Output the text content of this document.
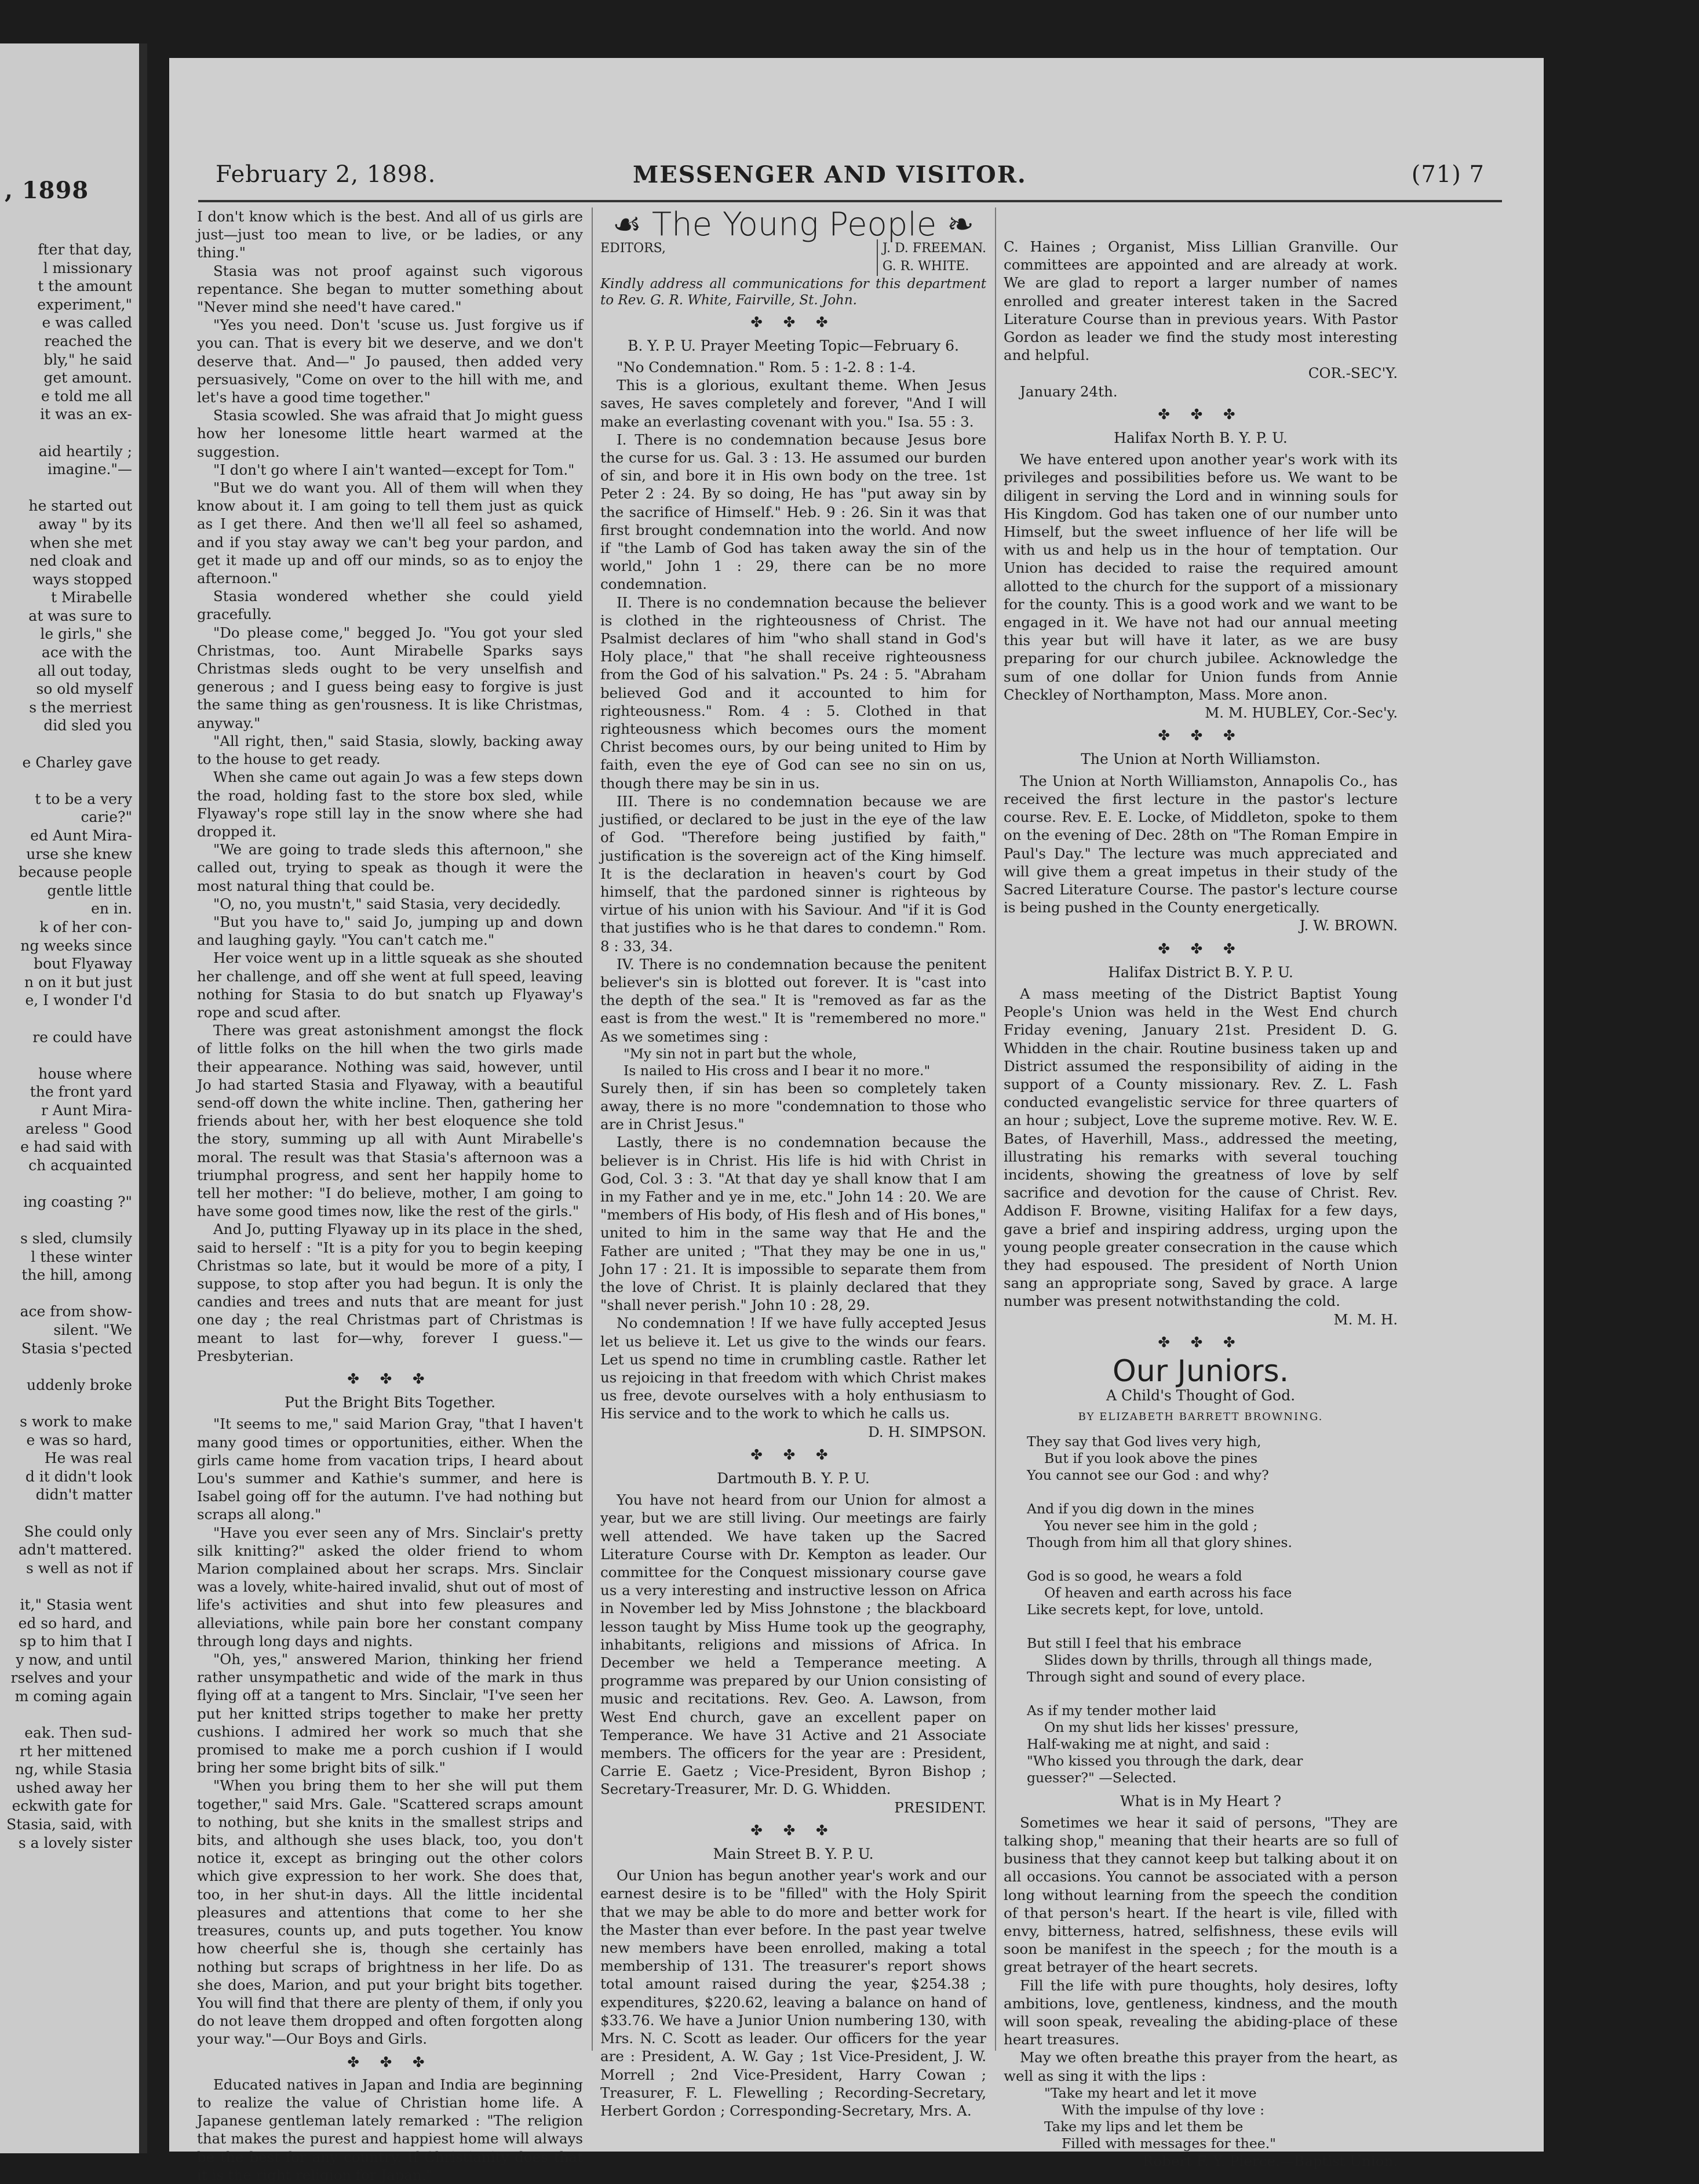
, 1898
fter that day,
l missionary
t the amount
experiment,"
e was called
reached the
bly," he said
get amount.
e told me all
it was an ex-

aid heartily ;
imagine."—

he started out
away " by its
when she met
ned cloak and
ways stopped
t Mirabelle
at was sure to
le girls," she
ace with the
all out today,
so old myself
s the merriest
did sled you

e Charley gave

t to be a very
carie?"
ed Aunt Mira-
urse she knew
because people
gentle little
en in.
k of her con-
ng weeks since
bout Flyaway
n on it but just
e, I wonder I'd

re could have

house where
the front yard
r Aunt Mira-
areless " Good
e had said with
ch acquainted

ing coasting ?"

s sled, clumsily
l these winter
the hill, among

ace from show-
silent. "We
Stasia s'pected

uddenly broke

s work to make
e was so hard,
He was real
d it didn't look
didn't matter

She could only
adn't mattered.
s well as not if

it," Stasia went
ed so hard, and
sp to him that I
y now, and until
rselves and your
m coming again

eak. Then sud-
rt her mittened
ng, while Stasia
ushed away her
eckwith gate for
Stasia, said, with
s a lovely sister
February 2, 1898.	MESSENGER AND VISITOR.	(71) 7

I don't know which is the best. And all of us girls are just—just too mean to live, or be ladies, or any thing."

Stasia was not proof against such vigorous repentance. She began to mutter something about "Never mind she need't have cared."

"Yes you need. Don't 'scuse us. Just forgive us if you can. That is every bit we deserve, and we don't deserve that. And—" Jo paused, then added very persuasively, "Come on over to the hill with me, and let's have a good time together."

Stasia scowled. She was afraid that Jo might guess how her lonesome little heart warmed at the suggestion.

"I don't go where I ain't wanted—except for Tom."

"But we do want you. All of them will when they know about it. I am going to tell them just as quick as I get there. And then we'll all feel so ashamed, and if you stay away we can't beg your pardon, and get it made up and off our minds, so as to enjoy the afternoon."

Stasia wondered whether she could yield gracefully.

"Do please come," begged Jo. "You got your sled Christmas, too. Aunt Mirabelle Sparks says Christmas sleds ought to be very unselfish and generous ; and I guess being easy to forgive is just the same thing as gen'rousness. It is like Christmas, anyway."

"All right, then," said Stasia, slowly, backing away to the house to get ready.

When she came out again Jo was a few steps down the road, holding fast to the store box sled, while Flyaway's rope still lay in the snow where she had dropped it.

"We are going to trade sleds this afternoon," she called out, trying to speak as though it were the most natural thing that could be.

"O, no, you mustn't," said Stasia, very decidedly.

"But you have to," said Jo, jumping up and down and laughing gayly. "You can't catch me."

Her voice went up in a little squeak as she shouted her challenge, and off she went at full speed, leaving nothing for Stasia to do but snatch up Flyaway's rope and scud after.

There was great astonishment amongst the flock of little folks on the hill when the two girls made their appearance. Nothing was said, however, until Jo had started Stasia and Flyaway, with a beautiful send-off down the white incline. Then, gathering her friends about her, with her best eloquence she told the story, summing up all with Aunt Mirabelle's moral. The result was that Stasia's afternoon was a triumphal progress, and sent her happily home to tell her mother: "I do believe, mother, I am going to have some good times now, like the rest of the girls."

And Jo, putting Flyaway up in its place in the shed, said to herself : "It is a pity for you to begin keeping Christmas so late, but it would be more of a pity, I suppose, to stop after you had begun. It is only the candies and trees and nuts that are meant for just one day ; the real Christmas part of Christmas is meant to last for—why, forever I guess."—Presbyterian.

✤ ✤ ✤
Put the Bright Bits Together.

"It seems to me," said Marion Gray, "that I haven't many good times or opportunities, either. When the girls came home from vacation trips, I heard about Lou's summer and Kathie's summer, and here is Isabel going off for the autumn. I've had nothing but scraps all along."

"Have you ever seen any of Mrs. Sinclair's pretty silk knitting?" asked the older friend to whom Marion complained about her scraps. Mrs. Sinclair was a lovely, white-haired invalid, shut out of most of life's activities and shut into few pleasures and alleviations, while pain bore her constant company through long days and nights.

"Oh, yes," answered Marion, thinking her friend rather unsympathetic and wide of the mark in thus flying off at a tangent to Mrs. Sinclair, "I've seen her put her knitted strips together to make her pretty cushions. I admired her work so much that she promised to make me a porch cushion if I would bring her some bright bits of silk."

"When you bring them to her she will put them together," said Mrs. Gale. "Scattered scraps amount to nothing, but she knits in the smallest strips and bits, and although she uses black, too, you don't notice it, except as bringing out the other colors which give expression to her work. She does that, too, in her shut-in days. All the little incidental pleasures and attentions that come to her she treasures, counts up, and puts together. You know how cheerful she is, though she certainly has nothing but scraps of brightness in her life. Do as she does, Marion, and put your bright bits together. You will find that there are plenty of them, if only you do not leave them dropped and often forgotten along your way."—Our Boys and Girls.

✤ ✤ ✤

Educated natives in Japan and India are beginning to realize the value of Christian home life. A Japanese gentleman lately remarked : "The religion that makes the purest and happiest home will always be the best for any country. If Christianity does that it is the right religion for Japan."

☙ The Young People ❧
EDITORS,	J. D. FREEMAN.
G. R. WHITE.

Kindly address all communications for this department to Rev. G. R. White, Fairville, St. John.

✤ ✤ ✤
B. Y. P. U. Prayer Meeting Topic—February 6.

"No Condemnation." Rom. 5 : 1-2. 8 : 1-4.

This is a glorious, exultant theme. When Jesus saves, He saves completely and forever, "And I will make an everlasting covenant with you." Isa. 55 : 3.

I. There is no condemnation because Jesus bore the curse for us. Gal. 3 : 13. He assumed our burden of sin, and bore it in His own body on the tree. 1st Peter 2 : 24. By so doing, He has "put away sin by the sacrifice of Himself." Heb. 9 : 26. Sin it was that first brought condemnation into the world. And now if "the Lamb of God has taken away the sin of the world," John 1 : 29, there can be no more condemnation.

II. There is no condemnation because the believer is clothed in the righteousness of Christ. The Psalmist declares of him "who shall stand in God's Holy place," that "he shall receive righteousness from the God of his salvation." Ps. 24 : 5. "Abraham believed God and it accounted to him for righteousness." Rom. 4 : 5. Clothed in that righteousness which becomes ours the moment Christ becomes ours, by our being united to Him by faith, even the eye of God can see no sin on us, though there may be sin in us.

III. There is no condemnation because we are justified, or declared to be just in the eye of the law of God. "Therefore being justified by faith," justification is the sovereign act of the King himself. It is the declaration in heaven's court by God himself, that the pardoned sinner is righteous by virtue of his union with his Saviour. And "if it is God that justifies who is he that dares to condemn." Rom. 8 : 33, 34.

IV. There is no condemnation because the penitent believer's sin is blotted out forever. It is "cast into the depth of the sea." It is "removed as far as the east is from the west." It is "remembered no more." As we sometimes sing :

"My sin not in part but the whole,
Is nailed to His cross and I bear it no more."

Surely then, if sin has been so completely taken away, there is no more "condemnation to those who are in Christ Jesus."

Lastly, there is no condemnation because the believer is in Christ. His life is hid with Christ in God, Col. 3 : 3. "At that day ye shall know that I am in my Father and ye in me, etc." John 14 : 20. We are "members of His body, of His flesh and of His bones," united to him in the same way that He and the Father are united ; "That they may be one in us," John 17 : 21. It is impossible to separate them from the love of Christ. It is plainly declared that they "shall never perish." John 10 : 28, 29.

No condemnation ! If we have fully accepted Jesus let us believe it. Let us give to the winds our fears. Let us spend no time in crumbling castle. Rather let us rejoicing in that freedom with which Christ makes us free, devote ourselves with a holy enthusiasm to His service and to the work to which he calls us.

D. H. SIMPSON.
✤ ✤ ✤
Dartmouth B. Y. P. U.

You have not heard from our Union for almost a year, but we are still living. Our meetings are fairly well attended. We have taken up the Sacred Literature Course with Dr. Kempton as leader. Our committee for the Conquest missionary course gave us a very interesting and instructive lesson on Africa in November led by Miss Johnstone ; the blackboard lesson taught by Miss Hume took up the geography, inhabitants, religions and missions of Africa. In December we held a Temperance meeting. A programme was prepared by our Union consisting of music and recitations. Rev. Geo. A. Lawson, from West End church, gave an excellent paper on Temperance. We have 31 Active and 21 Associate members. The officers for the year are : President, Carrie E. Gaetz ; Vice-President, Byron Bishop ; Secretary-Treasurer, Mr. D. G. Whidden.

PRESIDENT.
✤ ✤ ✤
Main Street B. Y. P. U.

Our Union has begun another year's work and our earnest desire is to be "filled" with the Holy Spirit that we may be able to do more and better work for the Master than ever before. In the past year twelve new members have been enrolled, making a total membership of 131. The treasurer's report shows total amount raised during the year, $254.38 ; expenditures, $220.62, leaving a balance on hand of $33.76. We have a Junior Union numbering 130, with Mrs. N. C. Scott as leader. Our officers for the year are : President, A. W. Gay ; 1st Vice-President, J. W. Morrell ; 2nd Vice-President, Harry Cowan ; Treasurer, F. L. Flewelling ; Recording-Secretary, Herbert Gordon ; Corresponding-Secretary, Mrs. A.

C. Haines ; Organist, Miss Lillian Granville. Our committees are appointed and are already at work. We are glad to report a larger number of names enrolled and greater interest taken in the Sacred Literature Course than in previous years. With Pastor Gordon as leader we find the study most interesting and helpful.

COR.-SEC'Y.

January 24th.

✤ ✤ ✤
Halifax North B. Y. P. U.

We have entered upon another year's work with its privileges and possibilities before us. We want to be diligent in serving the Lord and in winning souls for His Kingdom. God has taken one of our number unto Himself, but the sweet influence of her life will be with us and help us in the hour of temptation. Our Union has decided to raise the required amount allotted to the church for the support of a missionary for the county. This is a good work and we want to be engaged in it. We have not had our annual meeting this year but will have it later, as we are busy preparing for our church jubilee. Acknowledge the sum of one dollar for Union funds from Annie Checkley of Northampton, Mass. More anon.

M. M. HUBLEY, Cor.-Sec'y.
✤ ✤ ✤
The Union at North Williamston.

The Union at North Williamston, Annapolis Co., has received the first lecture in the pastor's lecture course. Rev. E. E. Locke, of Middleton, spoke to them on the evening of Dec. 28th on "The Roman Empire in Paul's Day." The lecture was much appreciated and will give them a great impetus in their study of the Sacred Literature Course. The pastor's lecture course is being pushed in the County energetically.

J. W. BROWN.
✤ ✤ ✤
Halifax District B. Y. P. U.

A mass meeting of the District Baptist Young People's Union was held in the West End church Friday evening, January 21st. President D. G. Whidden in the chair. Routine business taken up and District assumed the responsibility of aiding in the support of a County missionary. Rev. Z. L. Fash conducted evangelistic service for three quarters of an hour ; subject, Love the supreme motive. Rev. W. E. Bates, of Haverhill, Mass., addressed the meeting, illustrating his remarks with several touching incidents, showing the greatness of love by self sacrifice and devotion for the cause of Christ. Rev. Addison F. Browne, visiting Halifax for a few days, gave a brief and inspiring address, urging upon the young people greater consecration in the cause which they had espoused. The president of North Union sang an appropriate song, Saved by grace. A large number was present notwithstanding the cold.

M. M. H.
✤ ✤ ✤
Our Juniors.
A Child's Thought of God.
BY ELIZABETH BARRETT BROWNING.
They say that God lives very high,
But if you look above the pines
You cannot see our God : and why?

And if you dig down in the mines
You never see him in the gold ;
Though from him all that glory shines.

God is so good, he wears a fold
Of heaven and earth across his face
Like secrets kept, for love, untold.

But still I feel that his embrace
Slides down by thrills, through all things made,
Through sight and sound of every place.

As if my tender mother laid
On my shut lids her kisses' pressure,
Half-waking me at night, and said :
"Who kissed you through the dark, dear
guesser?" —Selected.
What is in My Heart ?

Sometimes we hear it said of persons, "They are talking shop," meaning that their hearts are so full of business that they cannot keep but talking about it on all occasions. You cannot be associated with a person long without learning from the speech the condition of that person's heart. If the heart is vile, filled with envy, bitterness, hatred, selfishness, these evils will soon be manifest in the speech ; for the mouth is a great betrayer of the heart secrets.

Fill the life with pure thoughts, holy desires, lofty ambitions, love, gentleness, kindness, and the mouth will soon speak, revealing the abiding-place of these heart treasures.

May we often breathe this prayer from the heart, as well as sing it with the lips :

"Take my heart and let it move
With the impulse of thy love :
Take my lips and let them be
Filled with messages for thee."
Robert F. Y. Pierce.—Baptist Union.
